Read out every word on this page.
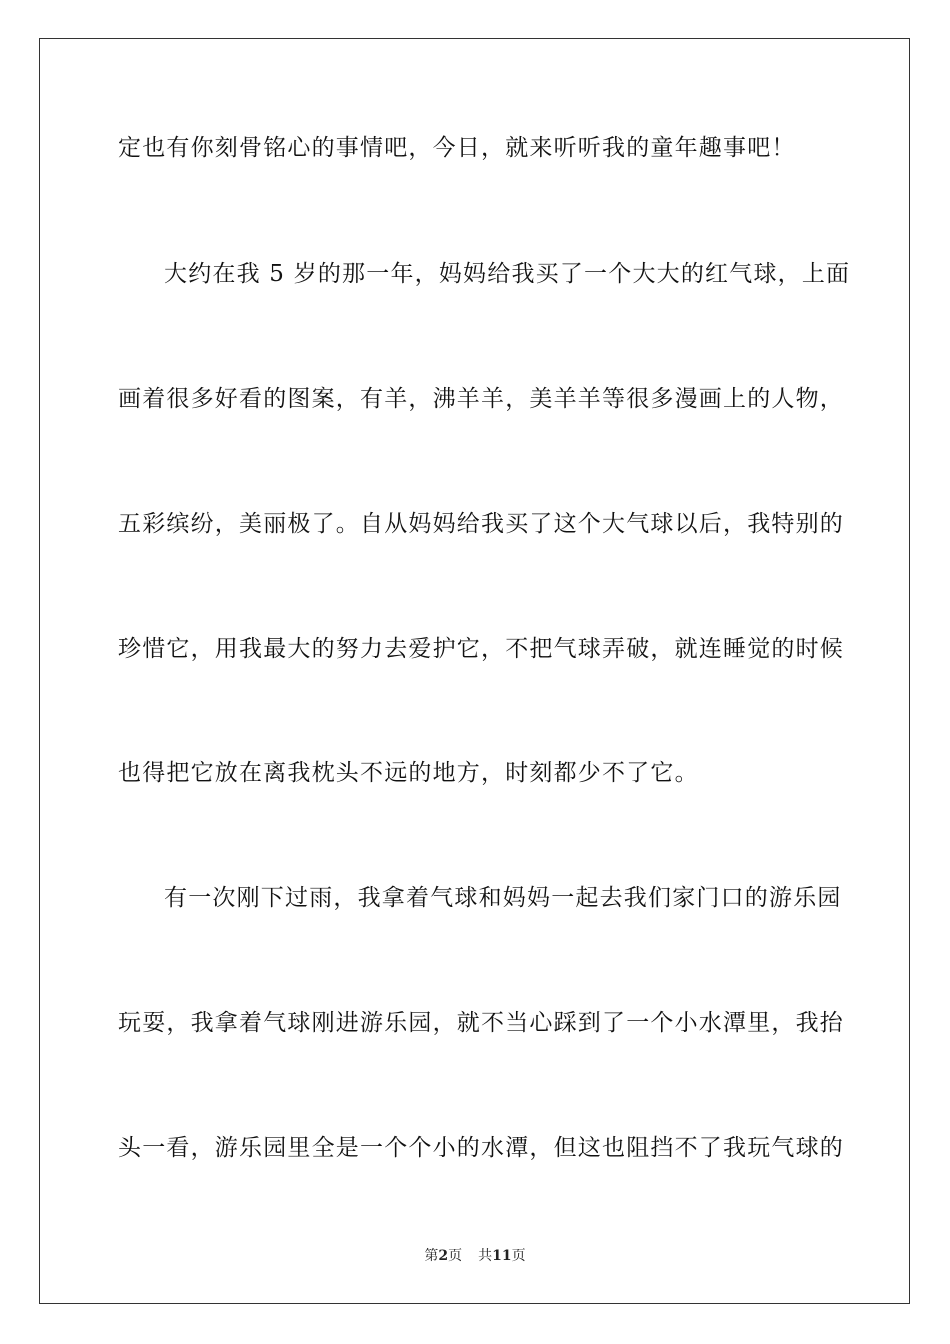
定也有你刻骨铭心的事情吧，今日，就来听听我的童年趣事吧！
大约在我 5 岁的那一年，妈妈给我买了一个大大的红气球，上面
画着很多好看的图案，有羊，沸羊羊，美羊羊等很多漫画上的人物，
五彩缤纷，美丽极了。自从妈妈给我买了这个大气球以后，我特别的
珍惜它，用我最大的努力去爱护它，不把气球弄破，就连睡觉的时候
也得把它放在离我枕头不远的地方，时刻都少不了它。
有一次刚下过雨，我拿着气球和妈妈一起去我们家门口的游乐园
玩耍，我拿着气球刚进游乐园，就不当心踩到了一个小水潭里，我抬
头一看，游乐园里全是一个个小的水潭，但这也阻挡不了我玩气球的
第2页 共11页
